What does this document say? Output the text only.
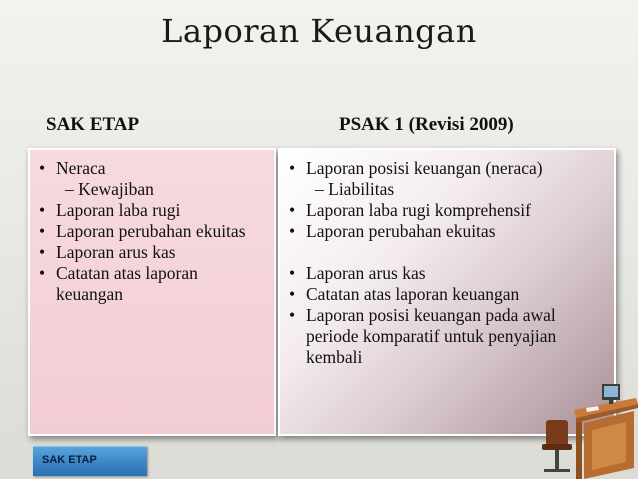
Laporan Keuangan
SAK ETAP	PSAK 1 (Revisi 2009)
• Neraca
– Kewajiban
• Laporan laba rugi
• Laporan perubahan ekuitas
• Laporan arus kas
• Catatan atas laporan keuangan
• Laporan posisi keuangan (neraca)
– Liabilitas
• Laporan laba rugi komprehensif
• Laporan perubahan ekuitas
• Laporan arus kas
• Catatan atas laporan keuangan
• Laporan posisi keuangan pada awal periode komparatif untuk penyajian kembali
SAK ETAP
